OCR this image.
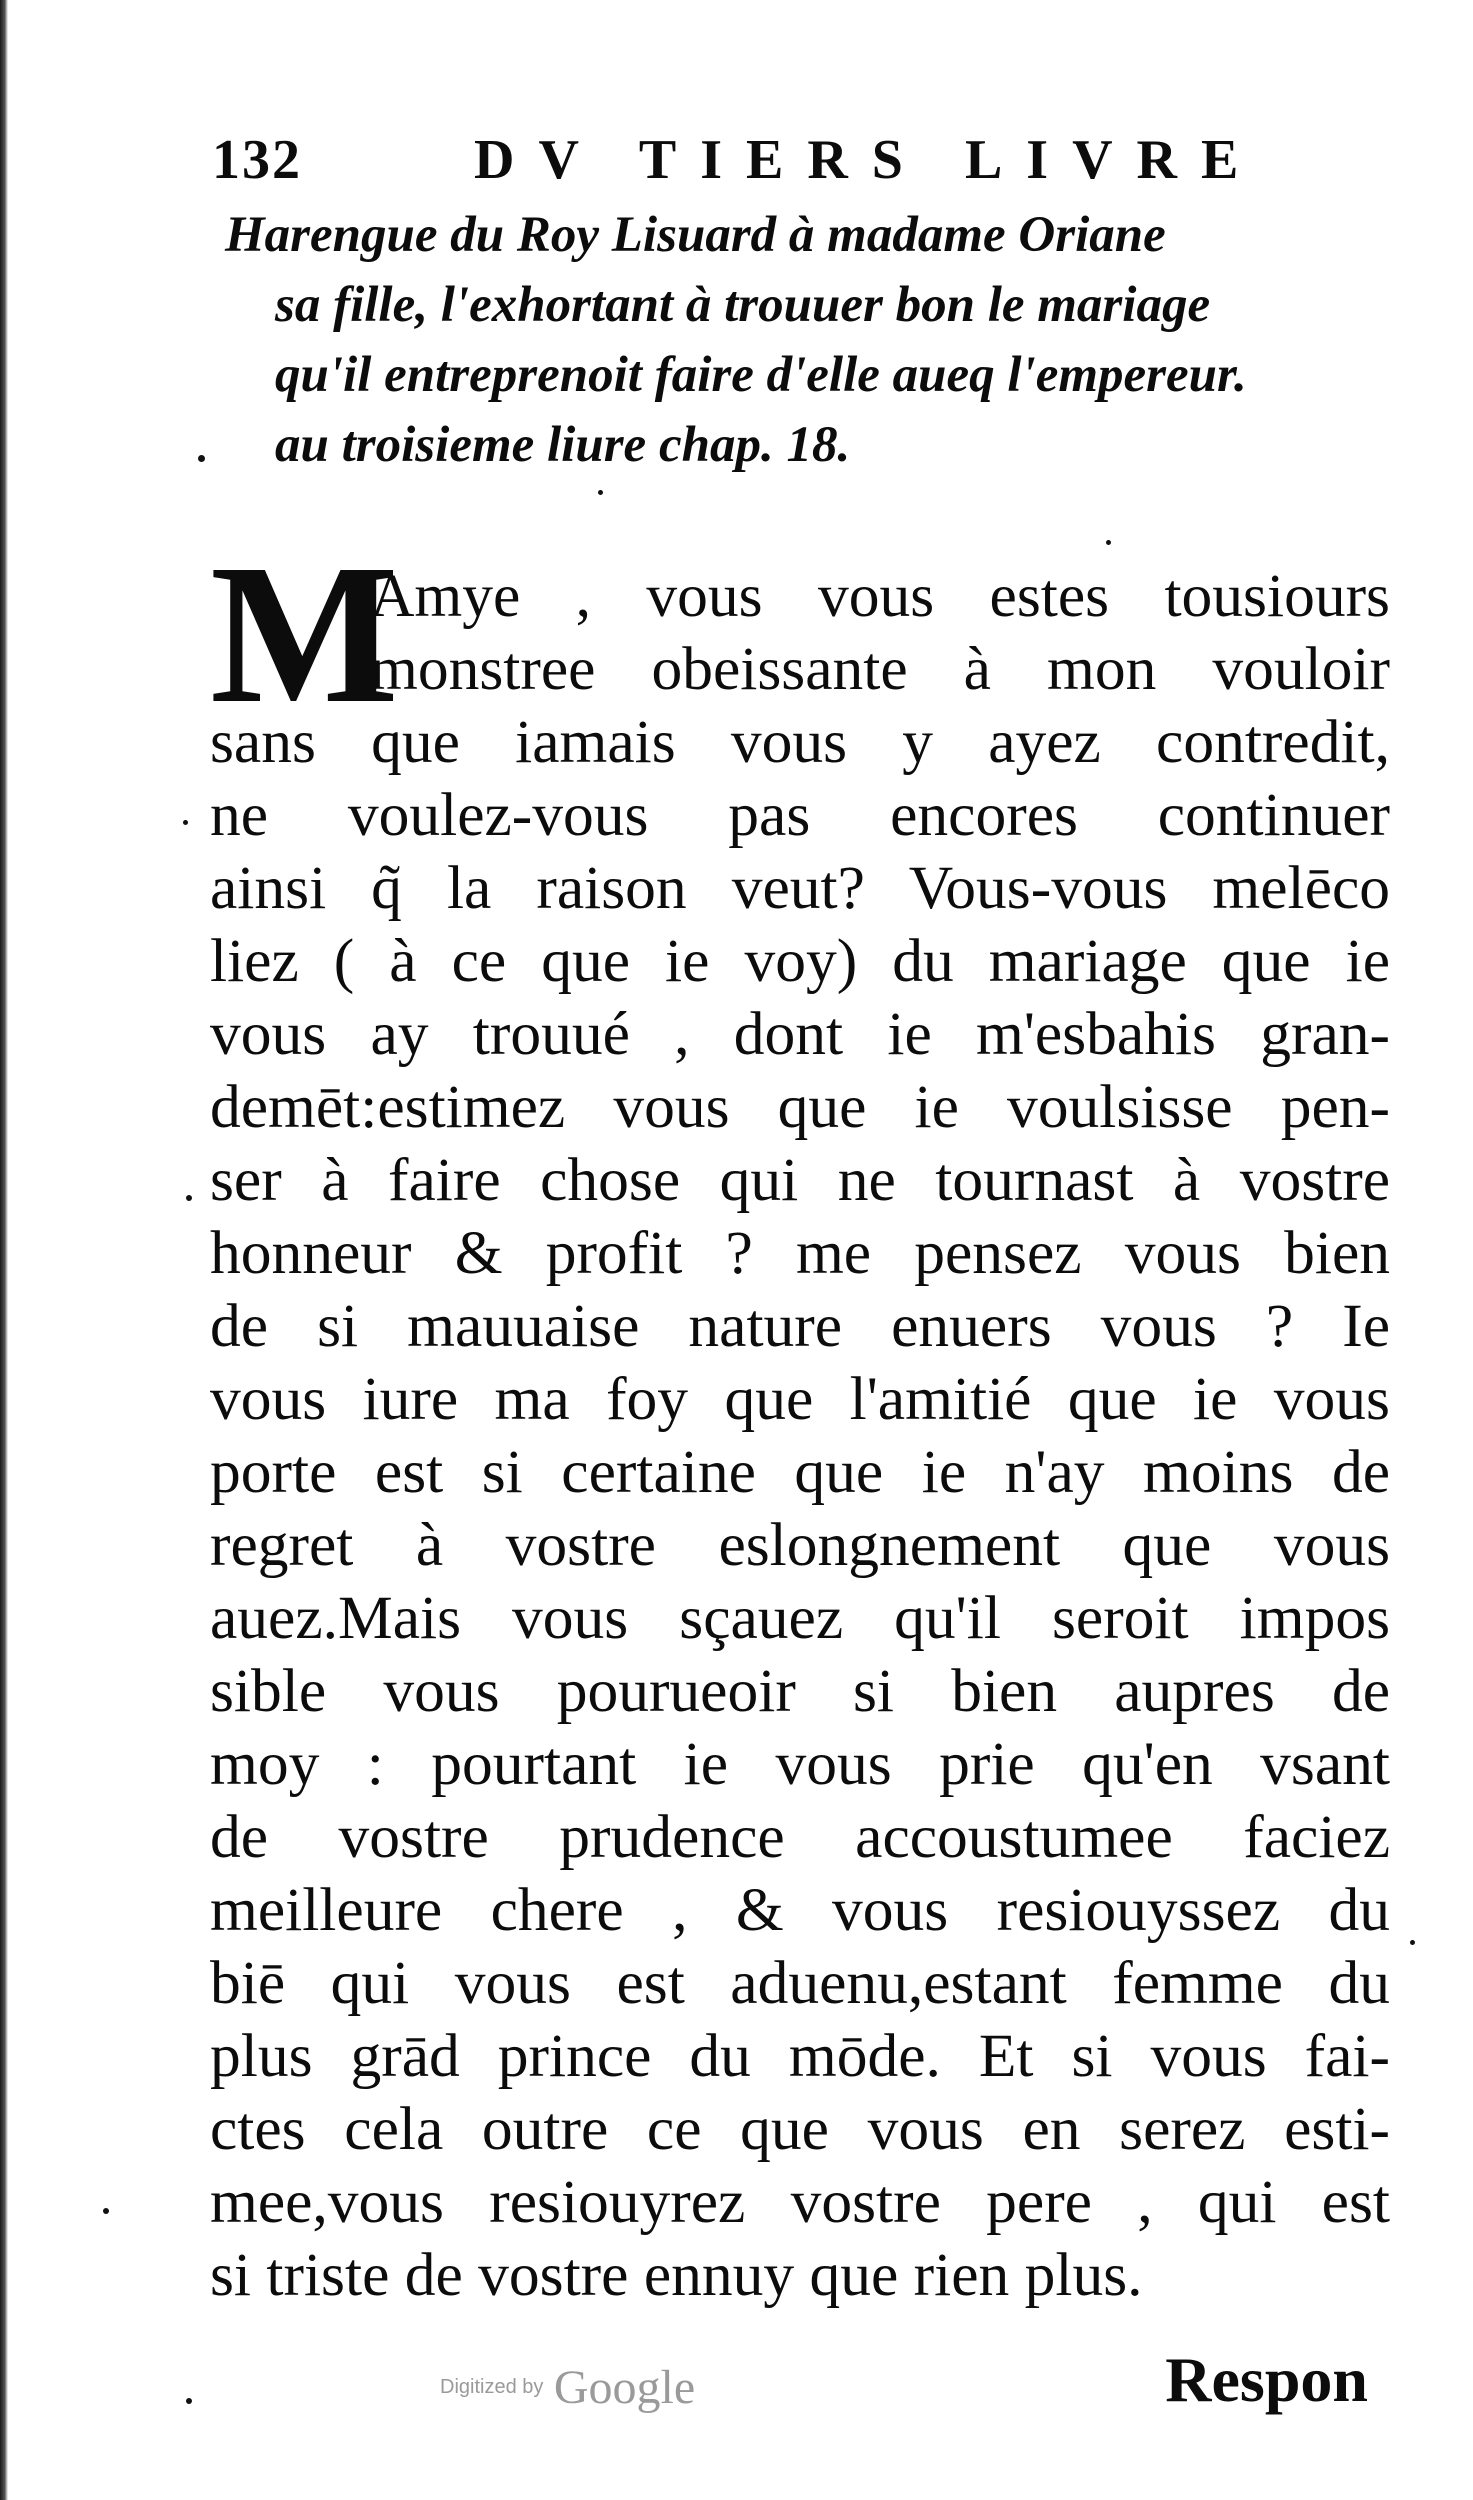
132	DV TIERS LIVRE
Harengue du Roy Lisuard à madame Oriane
sa fille, l'exhortant à trouuer bon le mariage
qu'il entreprenoit faire d'elle aueq l'empereur.
au troisieme liure chap. 18.
M
Amye , vous vous estes tousiours
monstree obeissante à mon vouloir
sans que iamais vous y ayez contredit,
ne voulez-vous pas encores continuer
ainsi q̃ la raison veut? Vous-vous melēco
liez ( à ce que ie voy) du mariage que ie
vous ay trouué , dont ie m'esbahis gran-
demēt:estimez vous que ie voulsisse pen-
ser à faire chose qui ne tournast à vostre
honneur & profit ? me pensez vous bien
de si mauuaise nature enuers vous ? Ie
vous iure ma foy que l'amitié que ie vous
porte est si certaine que ie n'ay moins de
regret à vostre eslongnement que vous
auez.Mais vous sçauez qu'il seroit impos
sible vous pourueoir si bien aupres de
moy : pourtant ie vous prie qu'en vsant
de vostre prudence accoustumee faciez
meilleure chere , & vous resiouyssez du
biē qui vous est aduenu,estant femme du
plus grād prince du mōde. Et si vous fai-
ctes cela outre ce que vous en serez esti-
mee,vous resiouyrez vostre pere , qui est
si triste de vostre ennuy que rien plus.
Respon
Digitized by Google
